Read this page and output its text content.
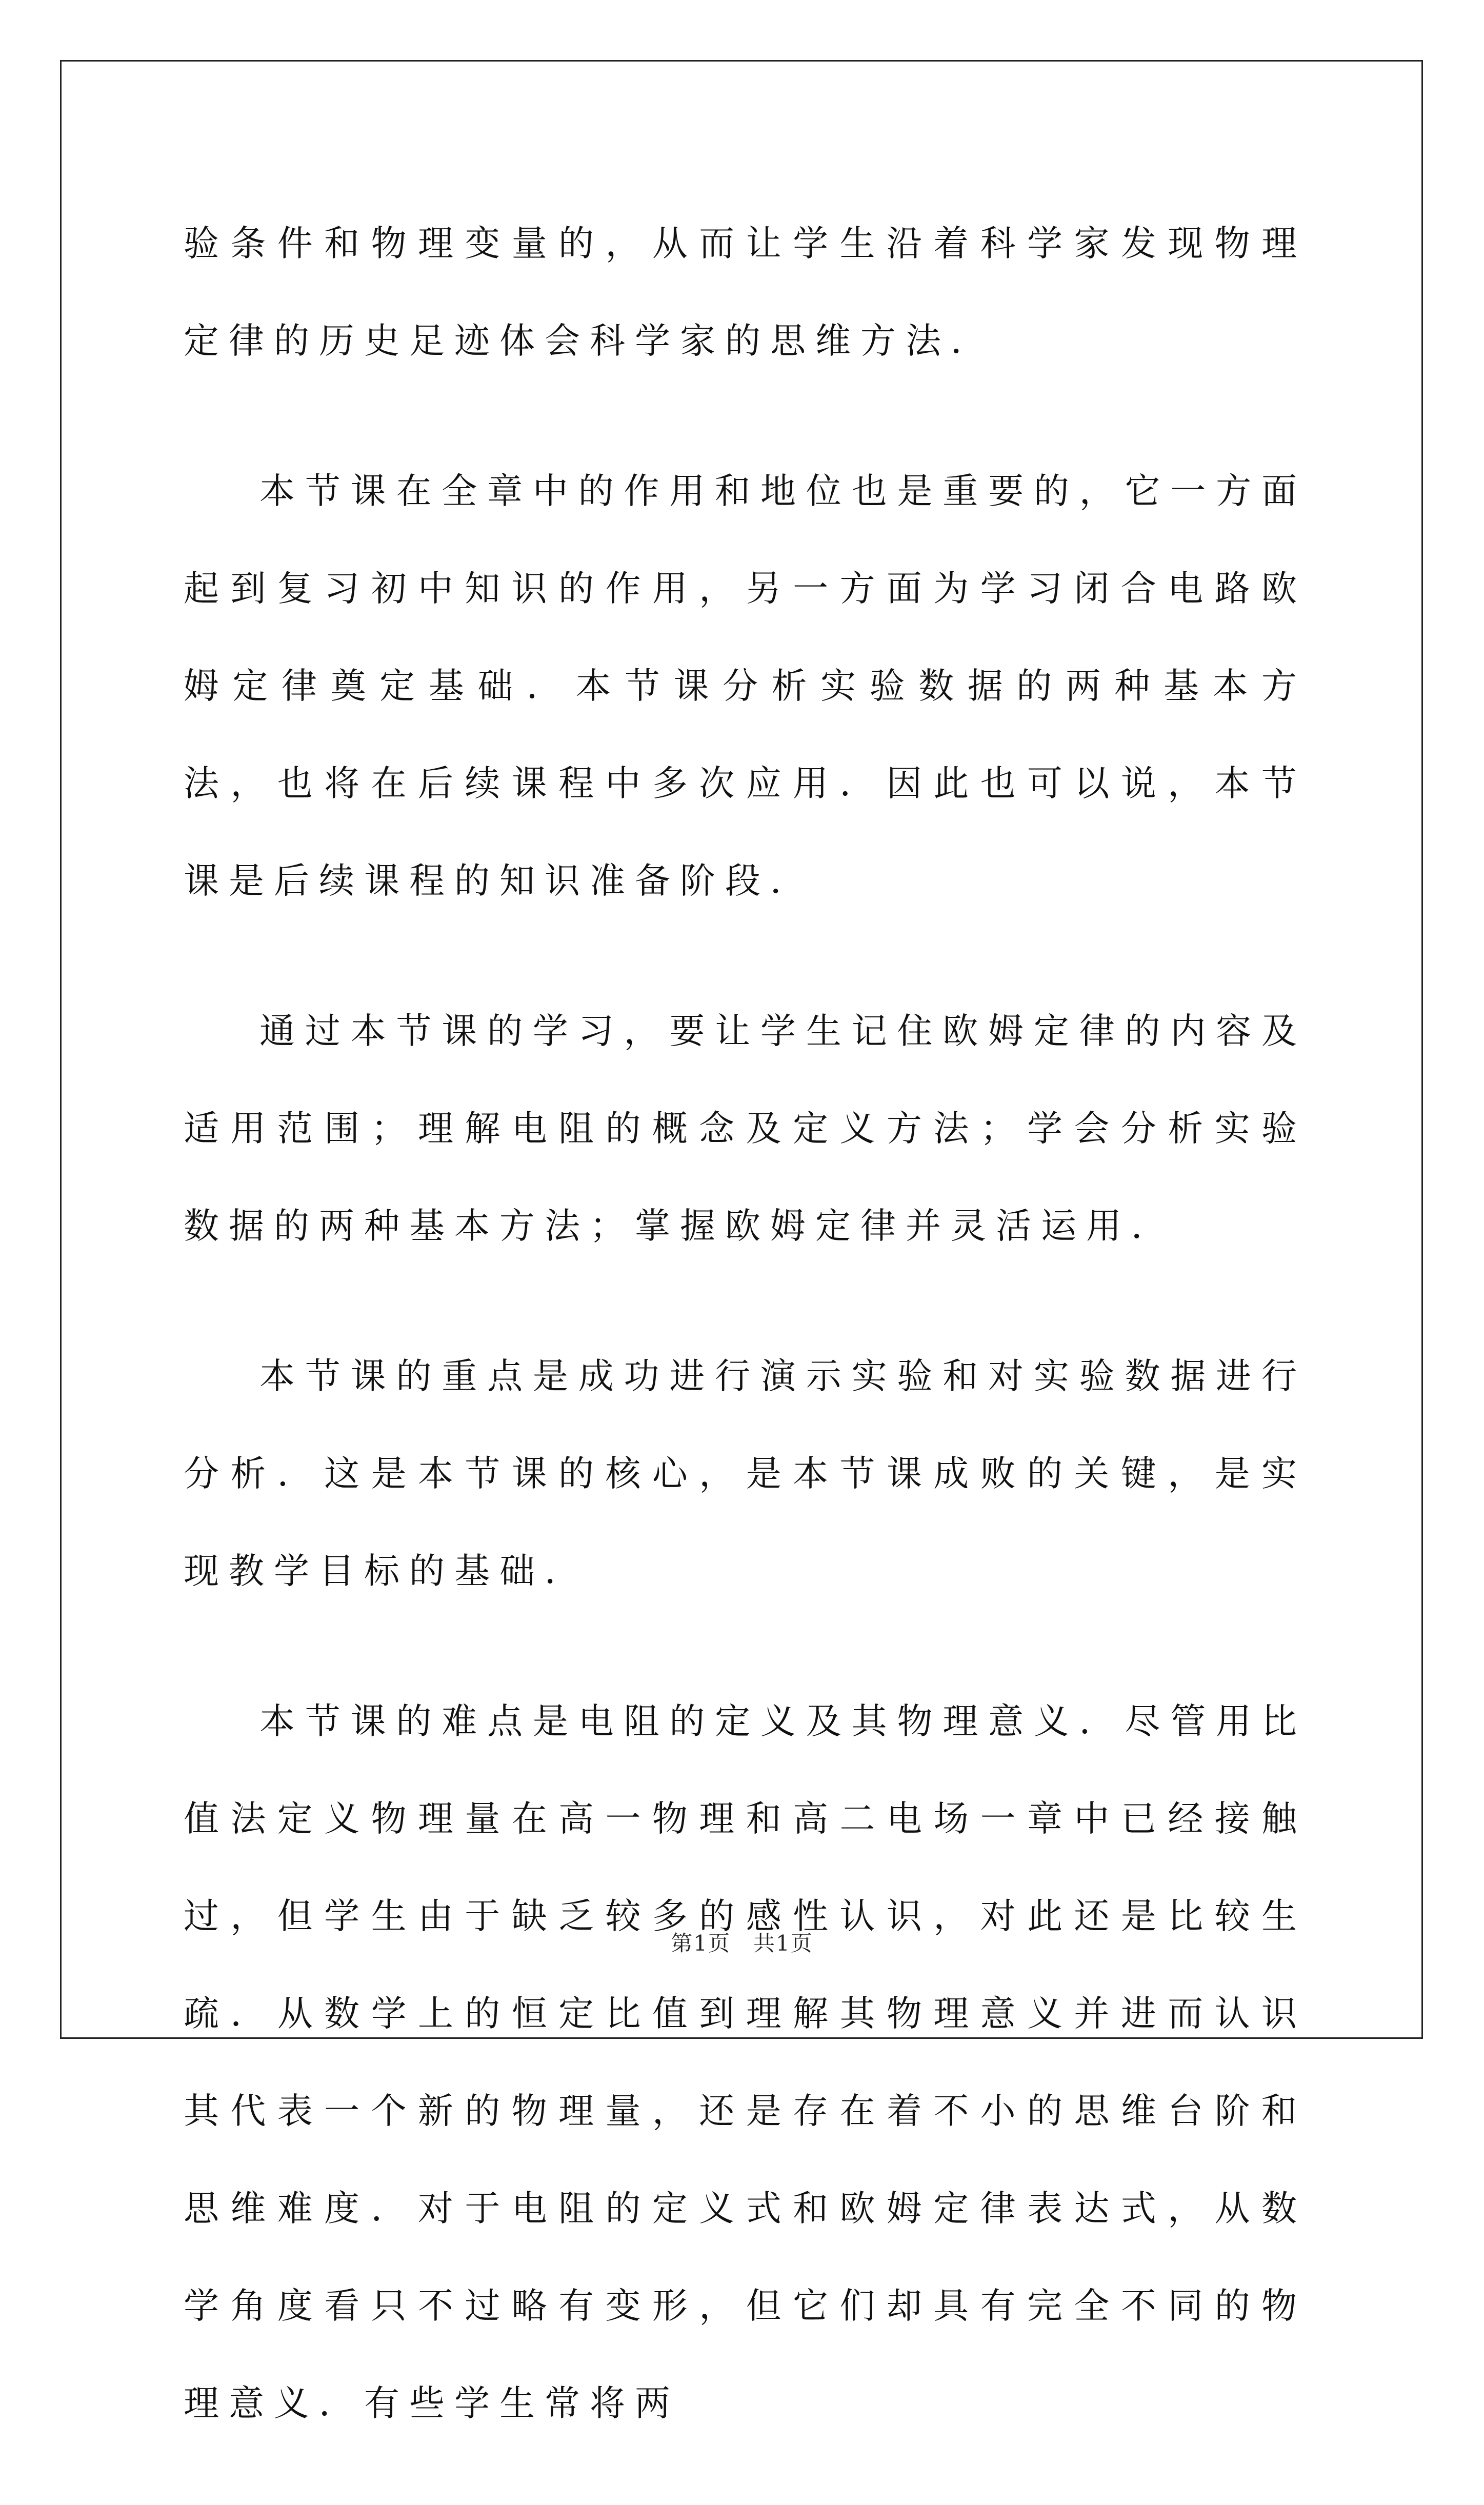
验条件和物理变量的，从而让学生沿着科学家发现物理定律的历史足迹体会科学家的思维方法．

本节课在全章中的作用和地位也是重要的，它一方面起到复习初中知识的作用，另一方面为学习闭合电路欧姆定律奠定基础．本节课分析实验数据的两种基本方法，也将在后续课程中多次应用．因此也可以说，本节课是后续课程的知识准备阶段．

通过本节课的学习，要让学生记住欧姆定律的内容及适用范围；理解电阻的概念及定义方法；学会分析实验数据的两种基本方法；掌握欧姆定律并灵活运用．

本节课的重点是成功进行演示实验和对实验数据进行分析．这是本节课的核心，是本节课成败的关键，是实现教学目标的基础．

本节课的难点是电阻的定义及其物理意义．尽管用比值法定义物理量在高一物理和高二电场一章中已经接触过，但学生由于缺乏较多的感性认识，对此还是比较生疏．从数学上的恒定比值到理解其物理意义并进而认识其代表一个新的物理量，还是存在着不小的思维台阶和思维难度．对于电阻的定义式和欧姆定律表达式，从数学角度看只不过略有变形，但它们却具有完全不同的物理意义．有些学生常将两

第1页　共1页
